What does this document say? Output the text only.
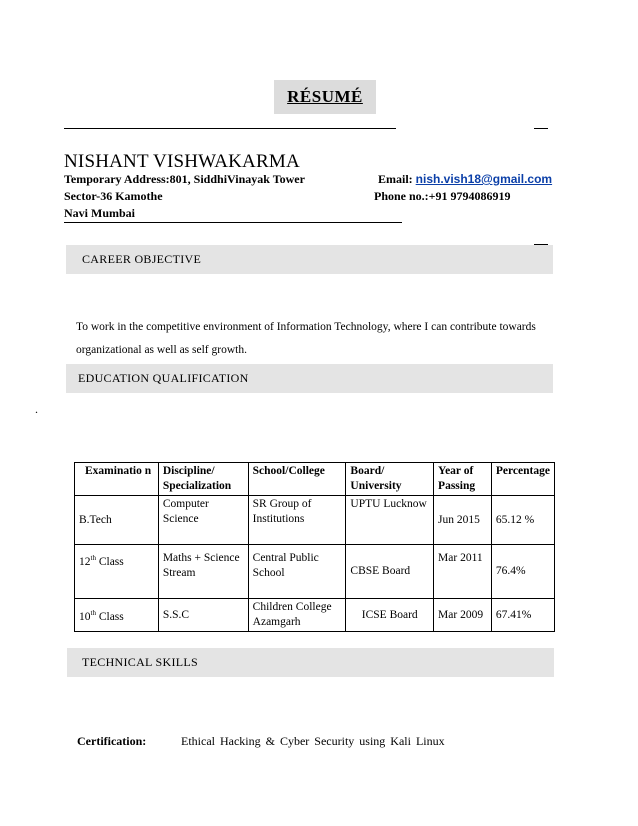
RÉSUMÉ
NISHANT VISHWAKARMA
Temporary Address:801, SiddhiVinayak Tower
Sector-36 Kamothe
Navi Mumbai
Email: nish.vish18@gmail.com
Phone no.:+91 9794086919
CAREER OBJECTIVE
To work in the competitive environment of Information Technology, where I can contribute towards organizational as well as self growth.
EDUCATION QUALIFICATION
.
Examinatio n	Discipline/ Specialization	School/College	Board/ University	Year of Passing	Percentage
B.Tech	Computer Science	SR Group of Institutions	UPTU Lucknow	Jun 2015	65.12 %
12th Class	Maths + Science Stream	Central Public School	CBSE Board	Mar 2011	76.4%
10th Class	S.S.C	Children College Azamgarh	ICSE Board	Mar 2009	67.41%
TECHNICAL SKILLS
Certification:	Ethical Hacking & Cyber Security using Kali Linux
